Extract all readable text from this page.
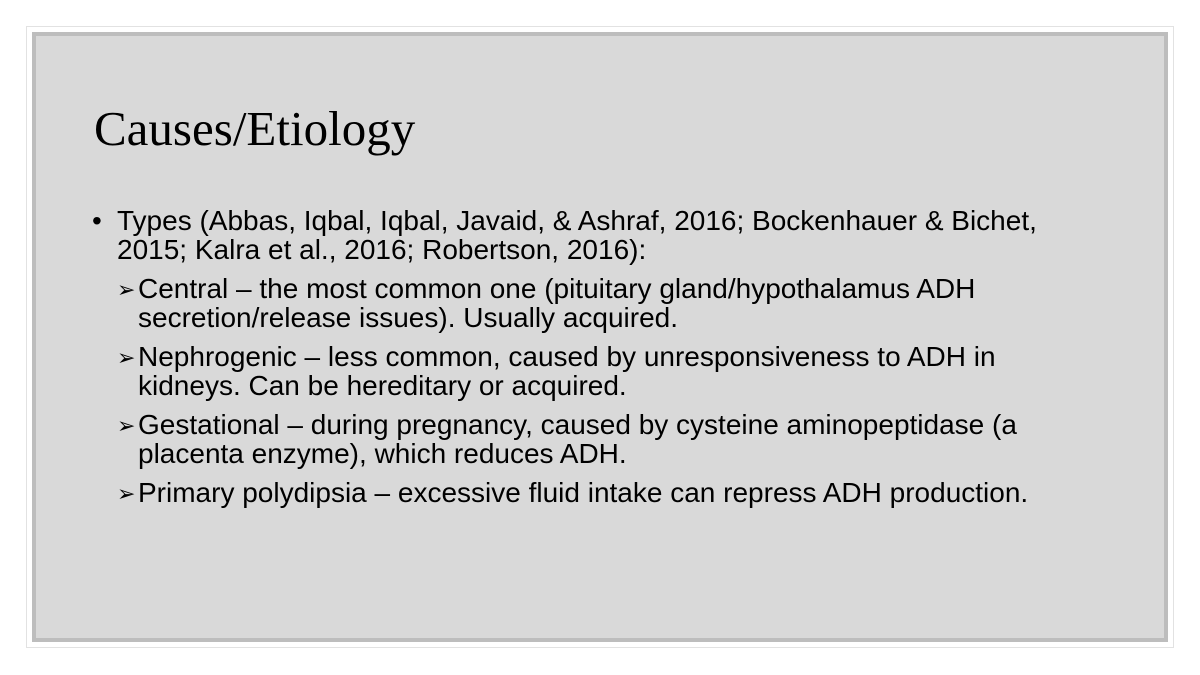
Causes/Etiology
• Types (Abbas, Iqbal, Iqbal, Javaid, & Ashraf, 2016; Bockenhauer & Bichet, 2015; Kalra et al., 2016; Robertson, 2016):
➢ Central – the most common one (pituitary gland/hypothalamus ADH secretion/release issues). Usually acquired.
➢ Nephrogenic – less common, caused by unresponsiveness to ADH in kidneys. Can be hereditary or acquired.
➢ Gestational – during pregnancy, caused by cysteine aminopeptidase (a placenta enzyme), which reduces ADH.
➢ Primary polydipsia – excessive fluid intake can repress ADH production.
